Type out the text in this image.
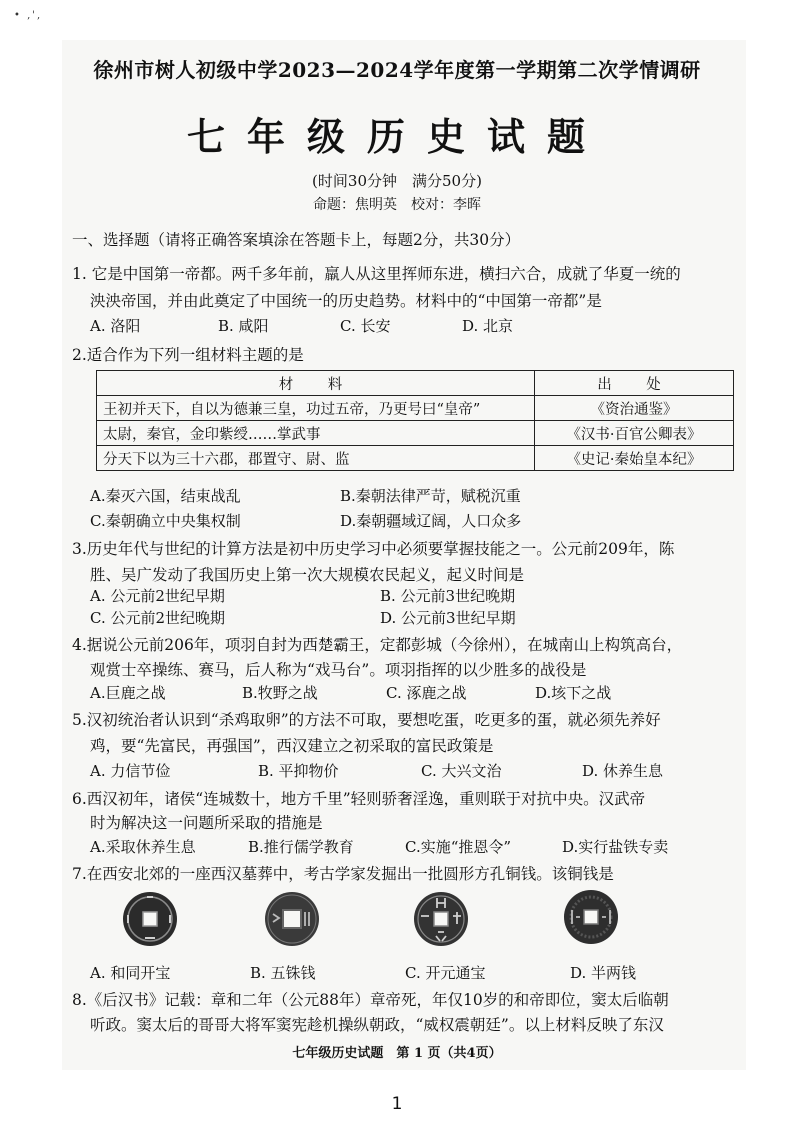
• ,',
徐州市树人初级中学2023—2024学年度第一学期第二次学情调研
七年级历史试题
(时间30分钟　满分50分)
命题：焦明英　校对：李晖
一、选择题（请将正确答案填涂在答题卡上，每题2分，共30分）
1. 它是中国第一帝都。两千多年前，羸人从这里挥师东进，横扫六合，成就了华夏一统的
泱泱帝国，并由此奠定了中国统一的历史趋势。材料中的“中国第一帝都”是
A. 洛阳	B. 咸阳	C. 长安	D. 北京
2.适合作为下列一组材料主题的是
材　料	出　处
王初并天下，自以为德兼三皇，功过五帝，乃更号曰“皇帝”	《资治通鉴》
太尉，秦官，金印紫绶……掌武事	《汉书·百官公卿表》
分天下以为三十六郡，郡置守、尉、监	《史记·秦始皇本纪》
A.秦灭六国，结束战乱	B.秦朝法律严苛，赋税沉重
C.秦朝确立中央集权制	D.秦朝疆域辽阔，人口众多
3.历史年代与世纪的计算方法是初中历史学习中必须要掌握技能之一。公元前209年，陈
胜、吴广发动了我国历史上第一次大规模农民起义，起义时间是
A. 公元前2世纪早期	B. 公元前3世纪晚期
C. 公元前2世纪晚期	D. 公元前3世纪早期
4.据说公元前206年，项羽自封为西楚霸王，定都彭城（今徐州），在城南山上构筑高台，
观赏士卒操练、赛马，后人称为“戏马台”。项羽指挥的以少胜多的战役是
A.巨鹿之战	B.牧野之战	C. 涿鹿之战	D.垓下之战
5.汉初统治者认识到“杀鸡取卵”的方法不可取，要想吃蛋，吃更多的蛋，就必须先养好
鸡，要“先富民，再强国”，西汉建立之初采取的富民政策是
A. 力信节俭	B. 平抑物价	C. 大兴文治	D. 休养生息
6.西汉初年，诸侯“连城数十，地方千里”轻则骄奢淫逸，重则联于对抗中央。汉武帝
时为解决这一问题所采取的措施是
A.采取休养生息	B.推行儒学教育	C.实施“推恩令”	D.实行盐铁专卖
7.在西安北郊的一座西汉墓葬中，考古学家发掘出一批圆形方孔铜钱。该铜钱是
A. 和同开宝	B. 五铢钱	C. 开元通宝	D. 半两钱
8.《后汉书》记载：章和二年（公元88年）章帝死，年仅10岁的和帝即位，窦太后临朝
听政。窦太后的哥哥大将军窦宪趁机操纵朝政，“威权震朝廷”。以上材料反映了东汉
七年级历史试题　第 1 页（共4页）
1
